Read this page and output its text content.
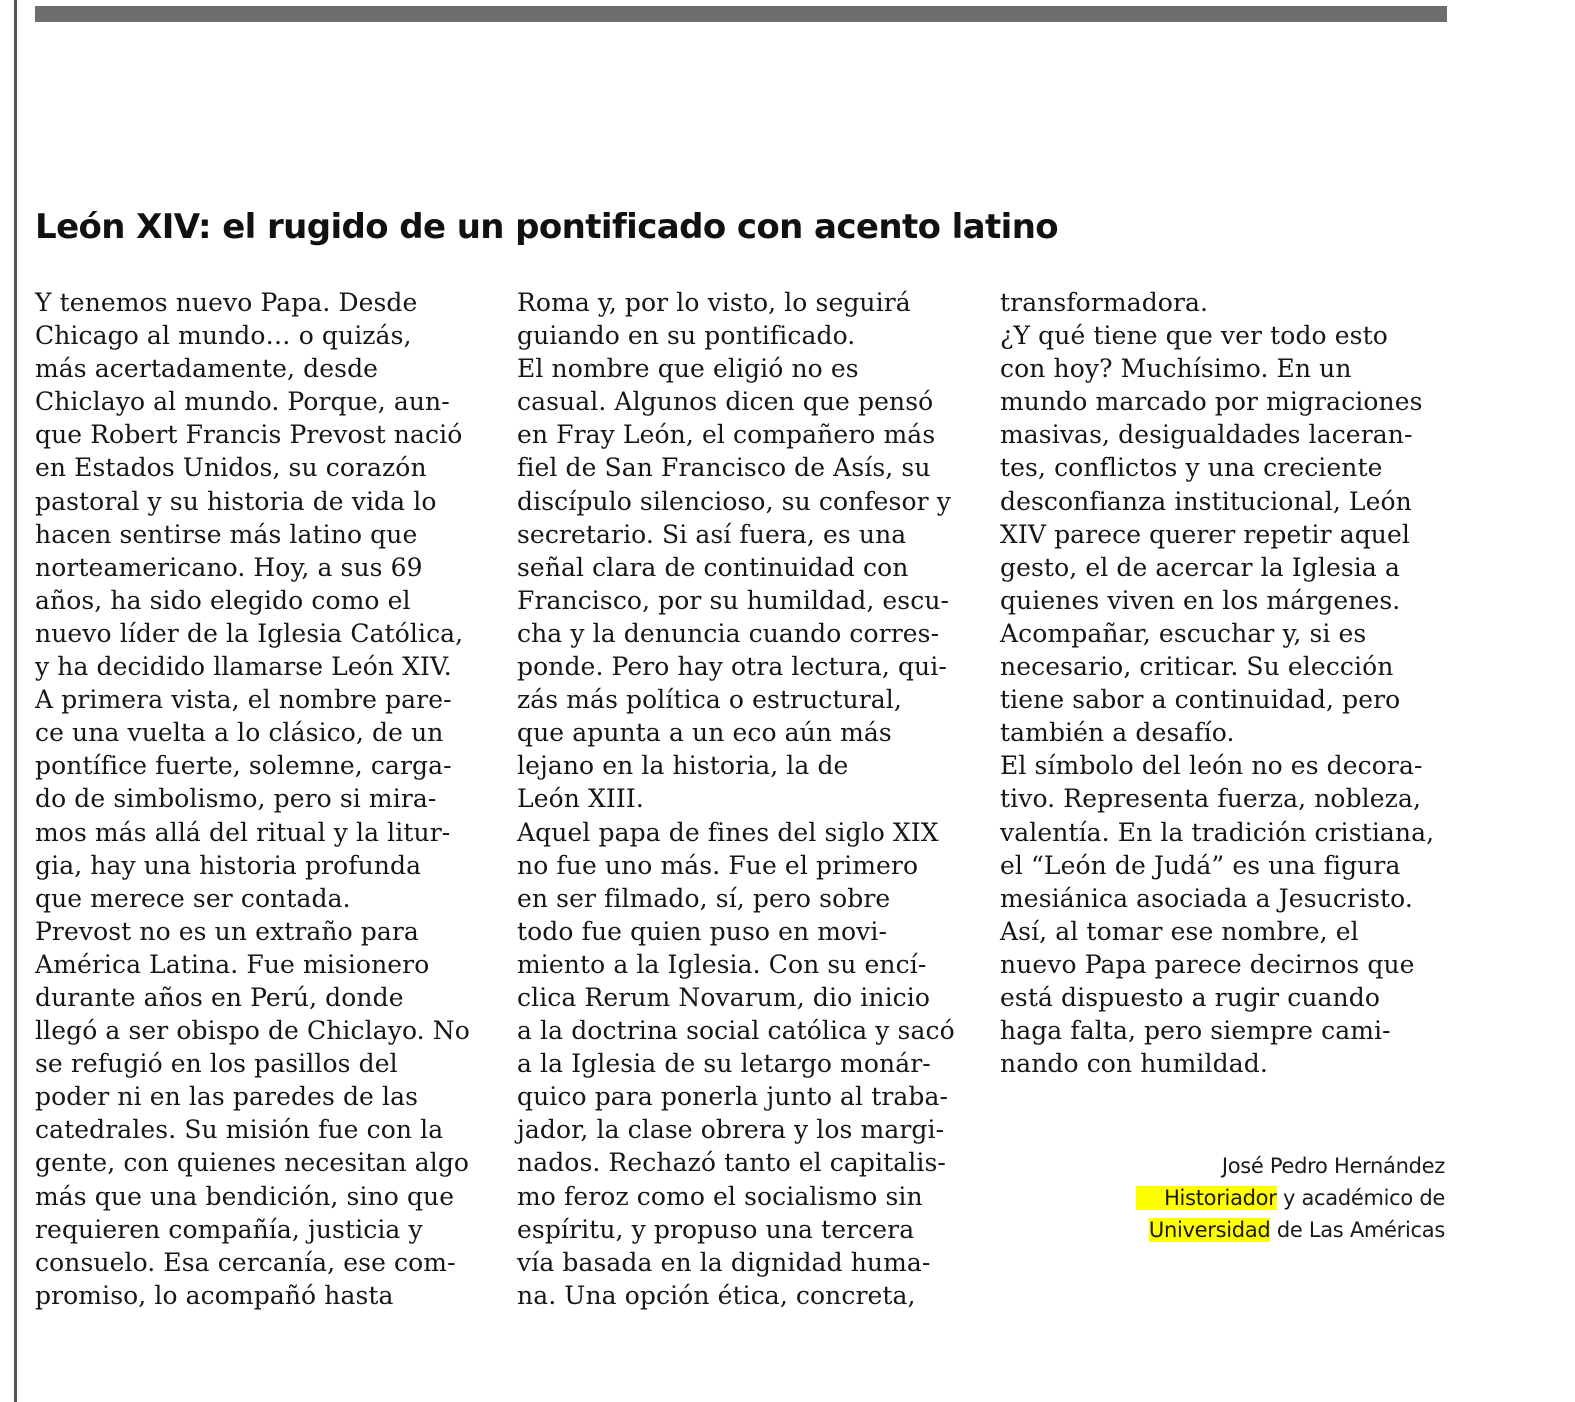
León XIV: el rugido de un pontificado con acento latino
Y tenemos nuevo Papa. Desde
Chicago al mundo… o quizás,
más acertadamente, desde
Chiclayo al mundo. Porque, aun-
que Robert Francis Prevost nació
en Estados Unidos, su corazón
pastoral y su historia de vida lo
hacen sentirse más latino que
norteamericano. Hoy, a sus 69
años, ha sido elegido como el
nuevo líder de la Iglesia Católica,
y ha decidido llamarse León XIV.
A primera vista, el nombre pare-
ce una vuelta a lo clásico, de un
pontífice fuerte, solemne, carga-
do de simbolismo, pero si mira-
mos más allá del ritual y la litur-
gia, hay una historia profunda
que merece ser contada.
Prevost no es un extraño para
América Latina. Fue misionero
durante años en Perú, donde
llegó a ser obispo de Chiclayo. No
se refugió en los pasillos del
poder ni en las paredes de las
catedrales. Su misión fue con la
gente, con quienes necesitan algo
más que una bendición, sino que
requieren compañía, justicia y
consuelo. Esa cercanía, ese com-
promiso, lo acompañó hasta
Roma y, por lo visto, lo seguirá
guiando en su pontificado.
El nombre que eligió no es
casual. Algunos dicen que pensó
en Fray León, el compañero más
fiel de San Francisco de Asís, su
discípulo silencioso, su confesor y
secretario. Si así fuera, es una
señal clara de continuidad con
Francisco, por su humildad, escu-
cha y la denuncia cuando corres-
ponde. Pero hay otra lectura, qui-
zás más política o estructural,
que apunta a un eco aún más
lejano en la historia, la de
León XIII.
Aquel papa de fines del siglo XIX
no fue uno más. Fue el primero
en ser filmado, sí, pero sobre
todo fue quien puso en movi-
miento a la Iglesia. Con su encí-
clica Rerum Novarum, dio inicio
a la doctrina social católica y sacó
a la Iglesia de su letargo monár-
quico para ponerla junto al traba-
jador, la clase obrera y los margi-
nados. Rechazó tanto el capitalis-
mo feroz como el socialismo sin
espíritu, y propuso una tercera
vía basada en la dignidad huma-
na. Una opción ética, concreta,
transformadora.
¿Y qué tiene que ver todo esto
con hoy? Muchísimo. En un
mundo marcado por migraciones
masivas, desigualdades laceran-
tes, conflictos y una creciente
desconfianza institucional, León
XIV parece querer repetir aquel
gesto, el de acercar la Iglesia a
quienes viven en los márgenes.
Acompañar, escuchar y, si es
necesario, criticar. Su elección
tiene sabor a continuidad, pero
también a desafío.
El símbolo del león no es decora-
tivo. Representa fuerza, nobleza,
valentía. En la tradición cristiana,
el “León de Judá” es una figura
mesiánica asociada a Jesucristo.
Así, al tomar ese nombre, el
nuevo Papa parece decirnos que
está dispuesto a rugir cuando
haga falta, pero siempre cami-
nando con humildad.
José Pedro Hernández
Historiador y académico de
Universidad de Las Américas
